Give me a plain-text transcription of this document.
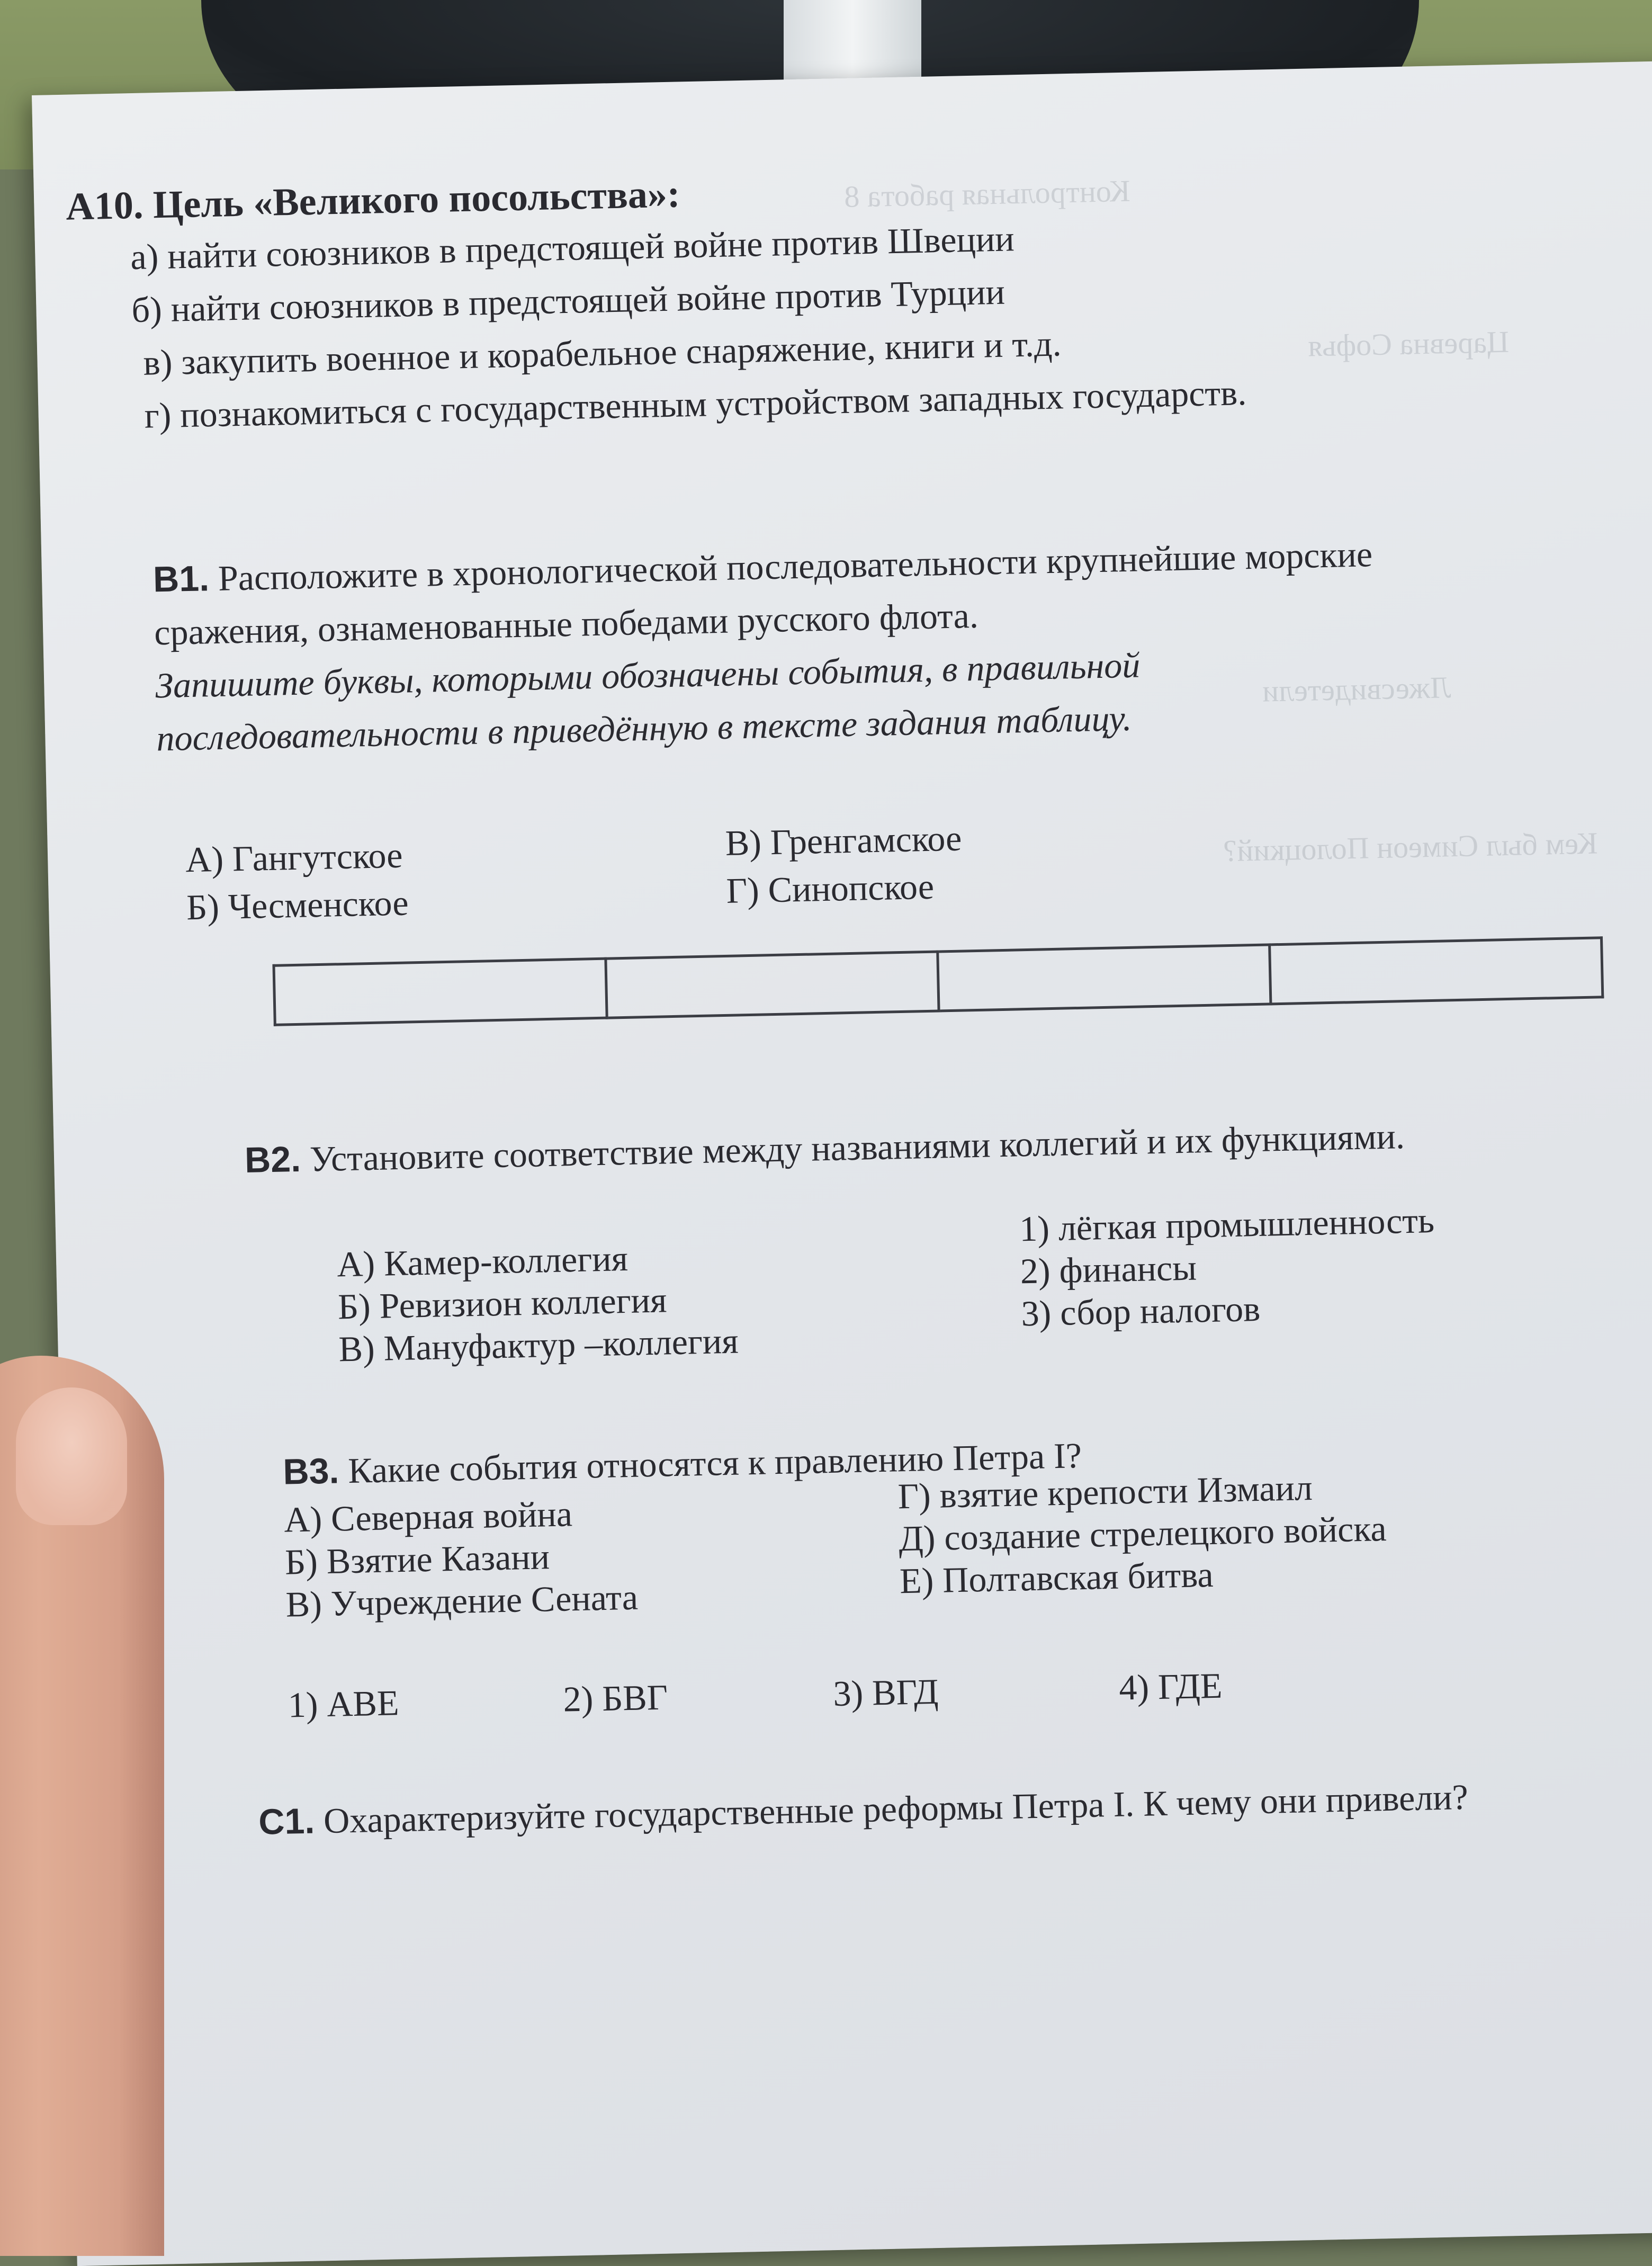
Контрольная работа 8
Царевна Софья
Лжесвидетели
Кем был Симеон Полоцкий?
А10. Цель «Великого посольства»:
а) найти союзников в предстоящей войне против Швеции
б) найти союзников в предстоящей войне против Турции
в) закупить военное и корабельное снаряжение, книги и т.д.
г) познакомиться с государственным устройством западных государств.
В1. Расположите в хронологической последовательности крупнейшие морские
сражения, ознаменованные победами русского флота.
Запишите буквы, которыми обозначены события, в правильной
последовательности в приведённую в тексте задания таблицу.
А) Гангутское
Б) Чесменское
В) Гренгамское
Г) Синопское

В2. Установите соответствие между названиями коллегий и их функциями.
А) Камер-коллегия
Б) Ревизион коллегия
В) Мануфактур –коллегия
1) лёгкая промышленность
2) финансы
3) сбор налогов
В3. Какие события относятся к правлению Петра I?
А) Северная война
Б) Взятие Казани
В) Учреждение Сената
Г) взятие крепости Измаил
Д) создание стрелецкого войска
Е) Полтавская битва
1) АВЕ	2) БВГ	3) ВГД	4) ГДЕ
С1. Охарактеризуйте государственные реформы Петра I. К чему они привели?
